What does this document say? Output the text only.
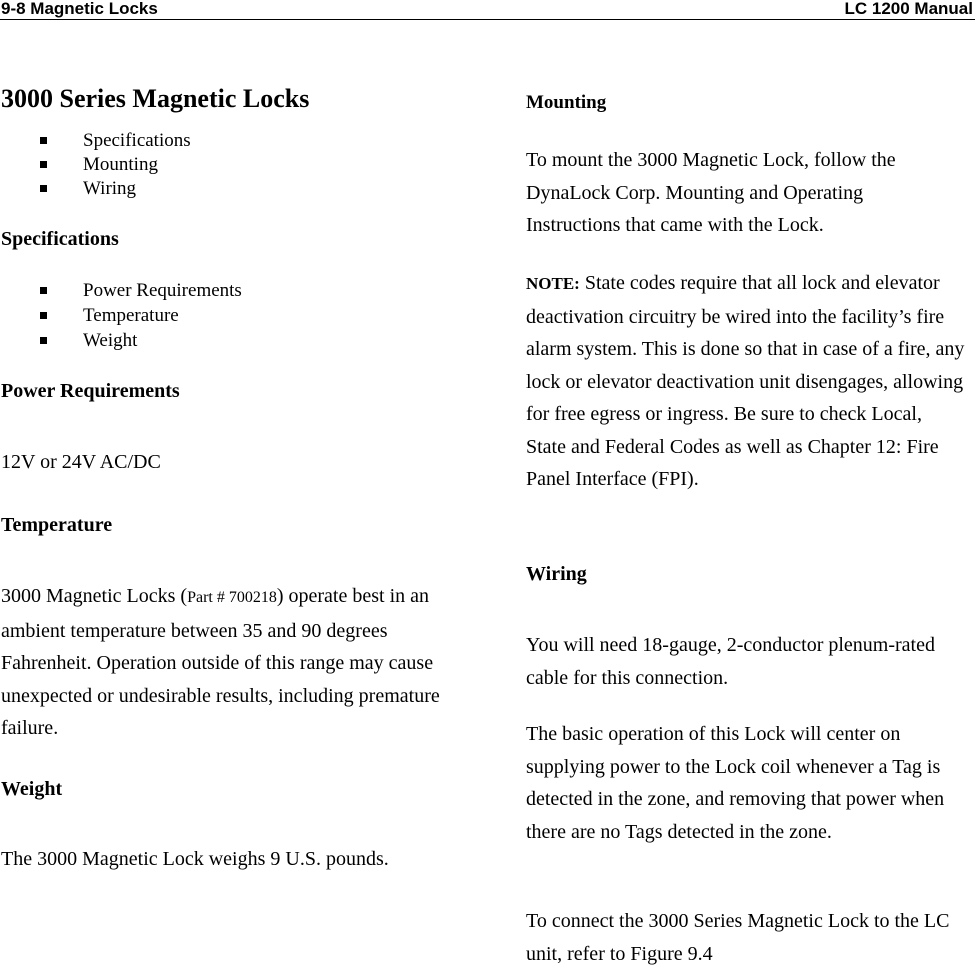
9-8 Magnetic Locks	LC 1200 Manual
3000 Series Magnetic Locks
Specifications
Mounting
Wiring
Specifications
Power Requirements
Temperature
Weight
Power Requirements

12V or 24V AC/DC

Temperature

3000 Magnetic Locks (Part # 700218) operate best in an ambient temperature between 35 and 90 degrees Fahrenheit. Operation outside of this range may cause unexpected or undesirable results, including premature failure.

Weight

The 3000 Magnetic Lock weighs 9 U.S. pounds.

Mounting

To mount the 3000 Magnetic Lock, follow the DynaLock Corp. Mounting and Operating Instructions that came with the Lock.

NOTE: State codes require that all lock and elevator deactivation circuitry be wired into the facility’s fire alarm system. This is done so that in case of a fire, any lock or elevator deactivation unit disengages, allowing for free egress or ingress. Be sure to check Local, State and Federal Codes as well as Chapter 12: Fire Panel Interface (FPI).

Wiring

You will need 18-gauge, 2-conductor plenum-rated cable for this connection.

The basic operation of this Lock will center on supplying power to the Lock coil whenever a Tag is detected in the zone, and removing that power when there are no Tags detected in the zone.

To connect the 3000 Series Magnetic Lock to the LC unit, refer to Figure 9.4
